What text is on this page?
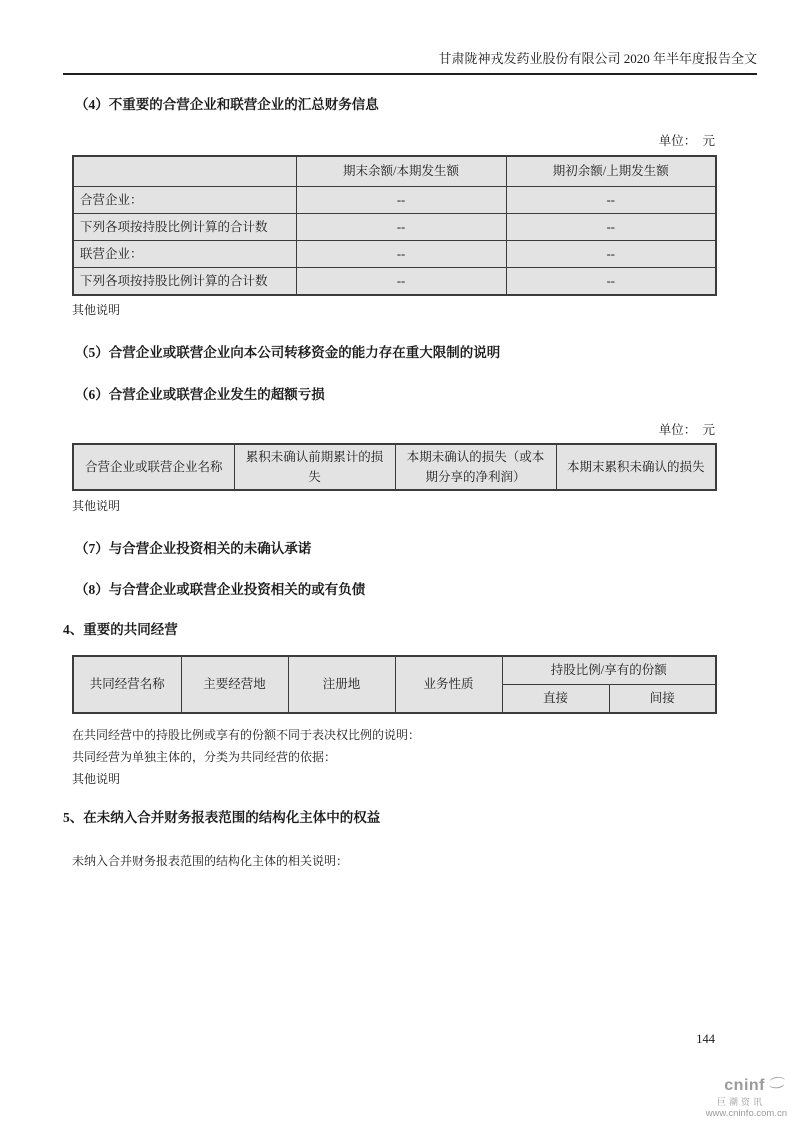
甘肃陇神戎发药业股份有限公司 2020 年半年度报告全文
（4）不重要的合营企业和联营企业的汇总财务信息
单位：　元
	期末余额/本期发生额	期初余额/上期发生额
合营企业：	--	--
下列各项按持股比例计算的合计数	--	--
联营企业：	--	--
下列各项按持股比例计算的合计数	--	--
其他说明
（5）合营企业或联营企业向本公司转移资金的能力存在重大限制的说明
（6）合营企业或联营企业发生的超额亏损
单位：　元
合营企业或联营企业名称	累积未确认前期累计的损失	本期未确认的损失（或本期分享的净利润）	本期末累积未确认的损失
其他说明
（7）与合营企业投资相关的未确认承诺
（8）与合营企业或联营企业投资相关的或有负债
4、重要的共同经营
共同经营名称	主要经营地	注册地	业务性质	持股比例/享有的份额	
				直接	间接
在共同经营中的持股比例或享有的份额不同于表决权比例的说明：
共同经营为单独主体的，分类为共同经营的依据：
其他说明
5、在未纳入合并财务报表范围的结构化主体中的权益
未纳入合并财务报表范围的结构化主体的相关说明：
144
cninf
巨潮资讯
www.cninfo.com.cn
